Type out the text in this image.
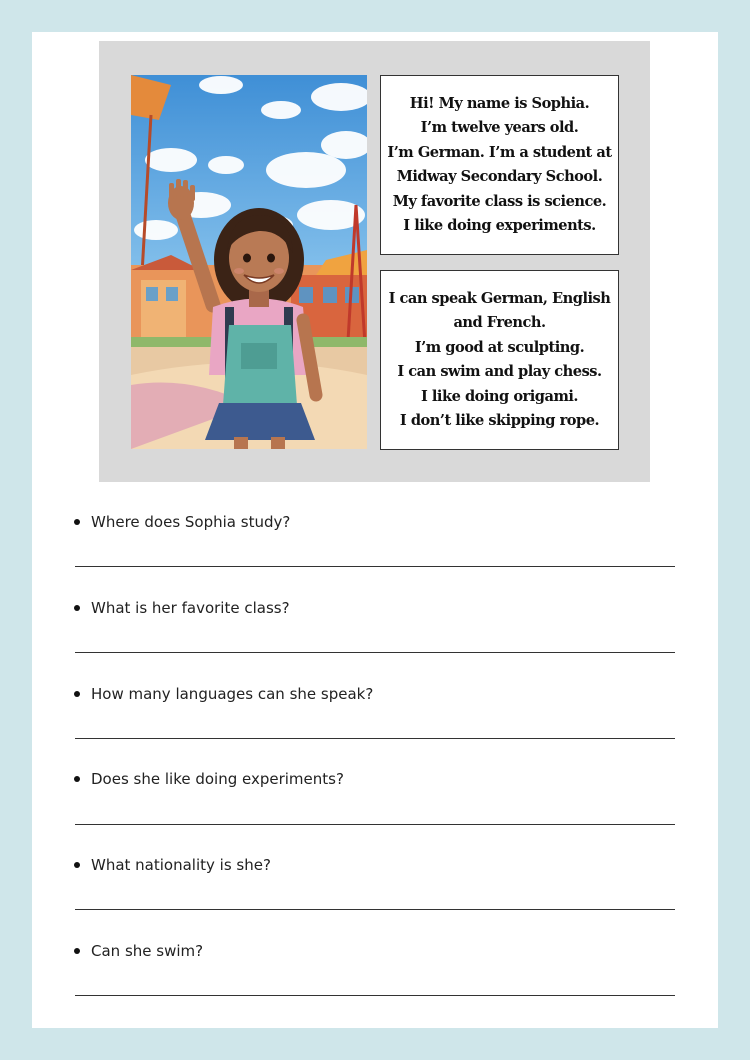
Hi! My name is Sophia.
I’m twelve years old.
I’m German. I’m a student at
Midway Secondary School.
My favorite class is science.
I like doing experiments.
I can speak German, English
and French.
I’m good at sculpting.
I can swim and play chess.
I like doing origami.
I don’t like skipping rope.
Where does Sophia study?
What is her favorite class?
How many languages can she speak?
Does she like doing experiments?
What nationality is she?
Can she swim?
